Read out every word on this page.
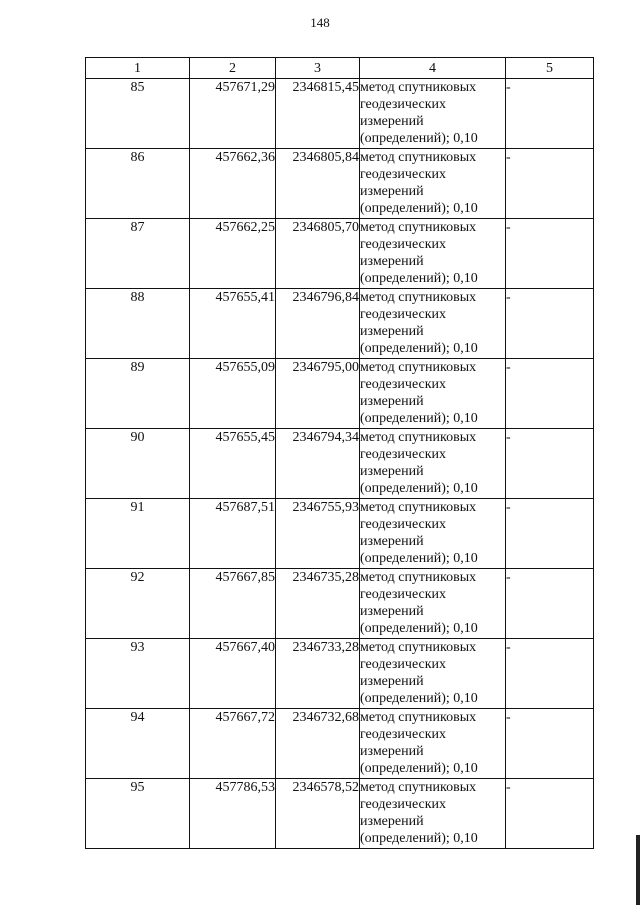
148
1	2	3	4	5
85	457671,29	2346815,45	метод спутниковых геодезических измерений (определений); 0,10	-
86	457662,36	2346805,84	метод спутниковых геодезических измерений (определений); 0,10	-
87	457662,25	2346805,70	метод спутниковых геодезических измерений (определений); 0,10	-
88	457655,41	2346796,84	метод спутниковых геодезических измерений (определений); 0,10	-
89	457655,09	2346795,00	метод спутниковых геодезических измерений (определений); 0,10	-
90	457655,45	2346794,34	метод спутниковых геодезических измерений (определений); 0,10	-
91	457687,51	2346755,93	метод спутниковых геодезических измерений (определений); 0,10	-
92	457667,85	2346735,28	метод спутниковых геодезических измерений (определений); 0,10	-
93	457667,40	2346733,28	метод спутниковых геодезических измерений (определений); 0,10	-
94	457667,72	2346732,68	метод спутниковых геодезических измерений (определений); 0,10	-
95	457786,53	2346578,52	метод спутниковых геодезических измерений (определений); 0,10	-
